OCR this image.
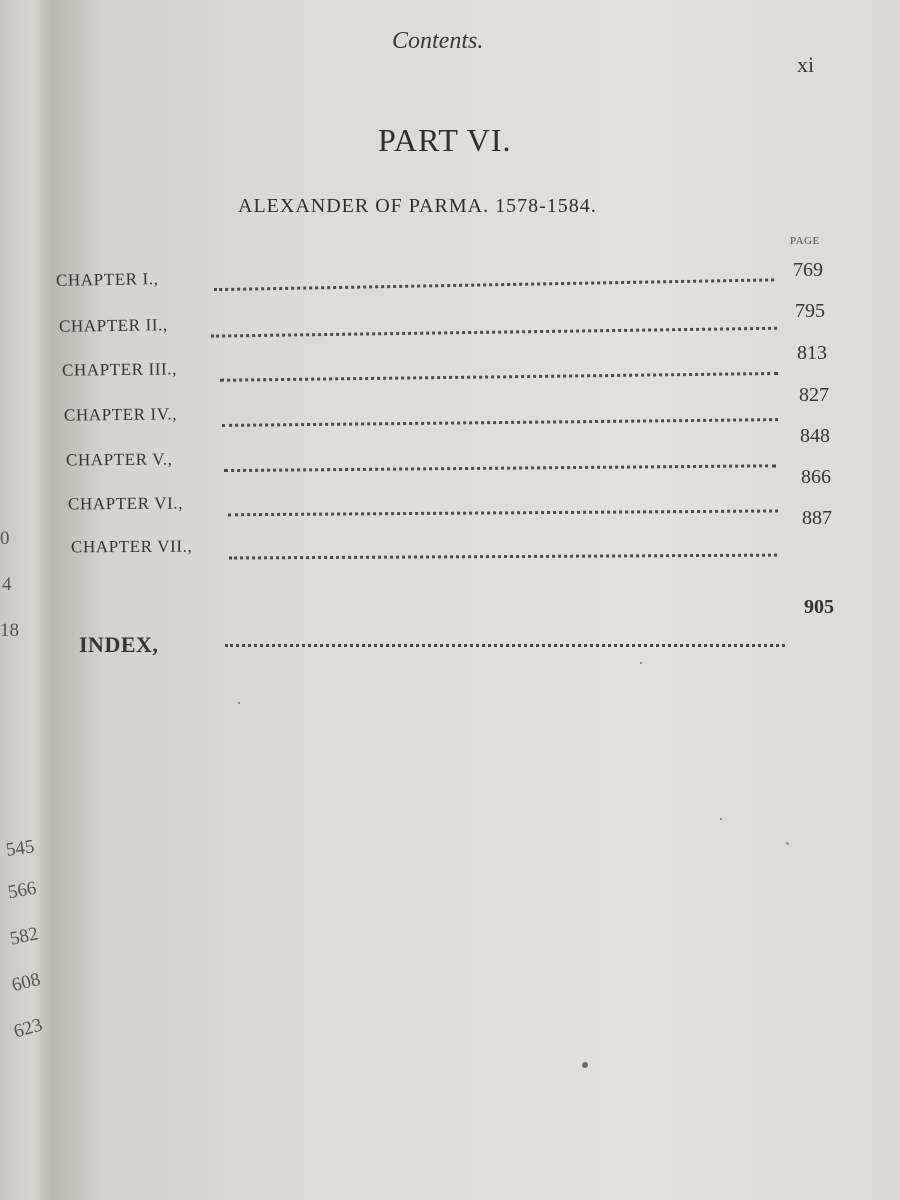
0
4
18
545
566
582
608
623
Contents.
xi
PART VI.
ALEXANDER OF PARMA. 1578-1584.
PAGE
CHAPTER I.,	769
CHAPTER II.,
795
CHAPTER III.,
813
CHAPTER IV.,
827
CHAPTER V.,
848
CHAPTER VI.,
866
CHAPTER VII.,
887
INDEX,
905
